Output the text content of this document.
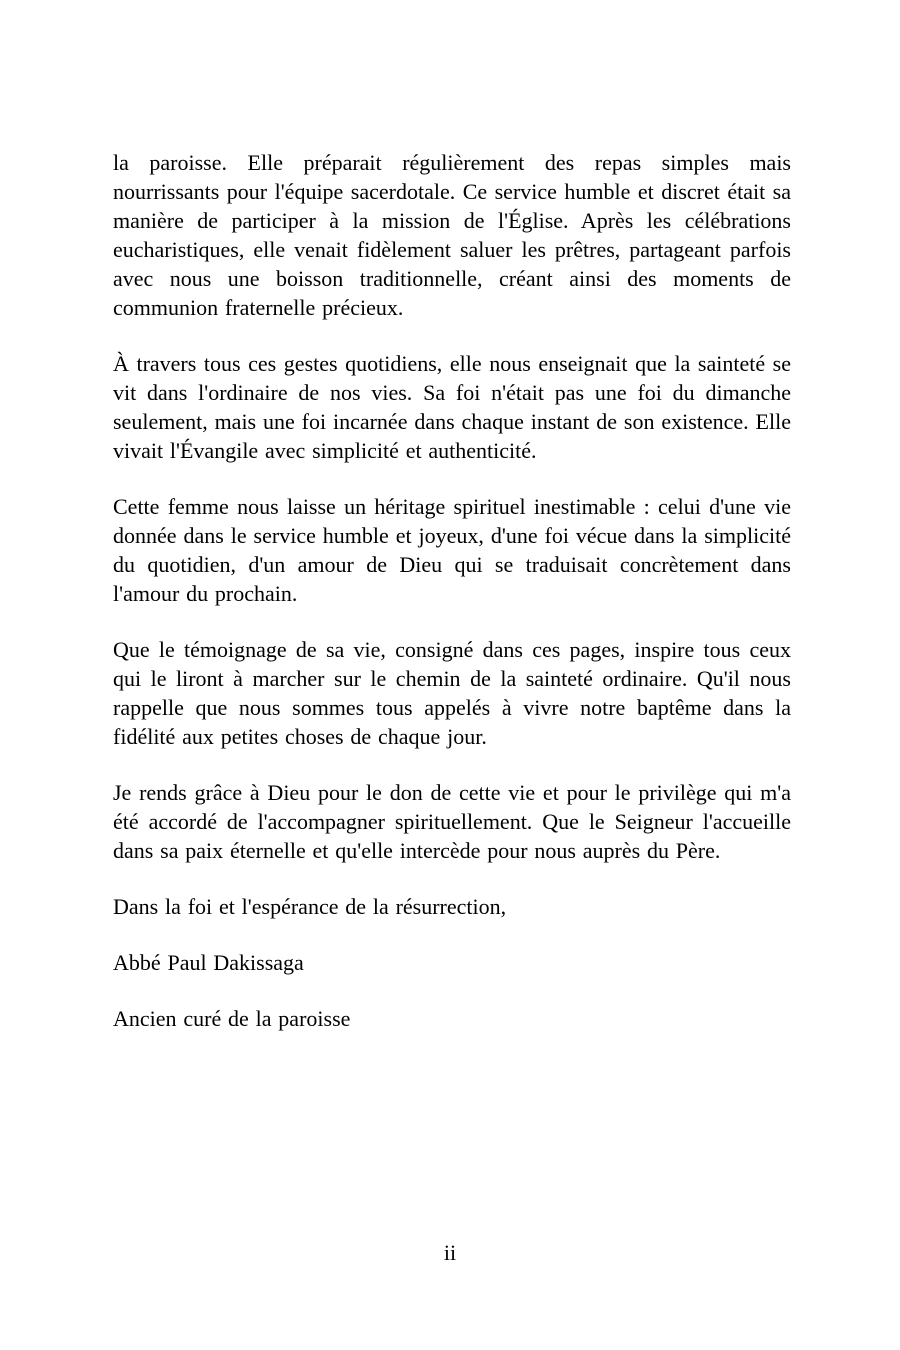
la paroisse. Elle préparait régulièrement des repas simples mais nourrissants pour l'équipe sacerdotale. Ce service humble et discret était sa manière de participer à la mission de l'Église. Après les célébrations eucharistiques, elle venait fidèlement saluer les prêtres, partageant parfois avec nous une boisson traditionnelle, créant ainsi des moments de communion fraternelle précieux.

À travers tous ces gestes quotidiens, elle nous enseignait que la sainteté se vit dans l'ordinaire de nos vies. Sa foi n'était pas une foi du dimanche seulement, mais une foi incarnée dans chaque instant de son existence. Elle vivait l'Évangile avec simplicité et authenticité.

Cette femme nous laisse un héritage spirituel inestimable : celui d'une vie donnée dans le service humble et joyeux, d'une foi vécue dans la simplicité du quotidien, d'un amour de Dieu qui se traduisait concrètement dans l'amour du prochain.

Que le témoignage de sa vie, consigné dans ces pages, inspire tous ceux qui le liront à marcher sur le chemin de la sainteté ordinaire. Qu'il nous rappelle que nous sommes tous appelés à vivre notre baptême dans la fidélité aux petites choses de chaque jour.

Je rends grâce à Dieu pour le don de cette vie et pour le privilège qui m'a été accordé de l'accompagner spirituellement. Que le Seigneur l'accueille dans sa paix éternelle et qu'elle intercède pour nous auprès du Père.

Dans la foi et l'espérance de la résurrection,

Abbé Paul Dakissaga

Ancien curé de la paroisse

ii
